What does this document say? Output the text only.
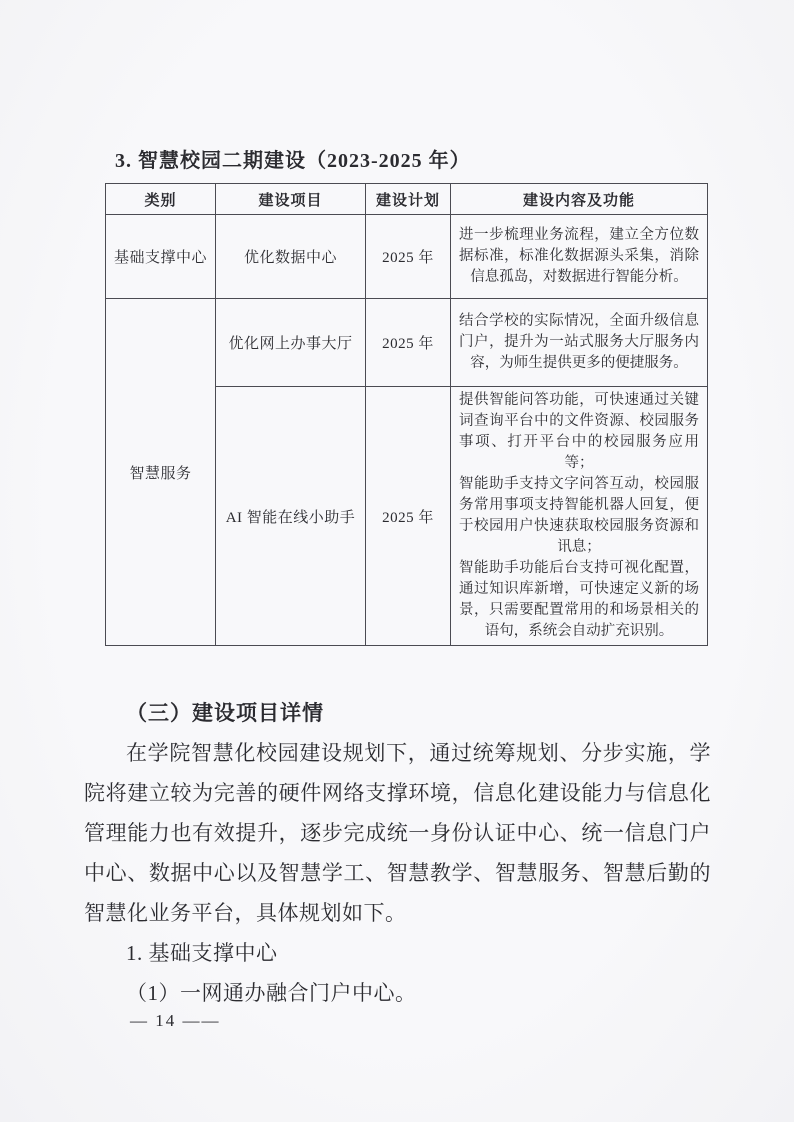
3. 智慧校园二期建设（2023-2025 年）
类别	建设项目	建设计划	建设内容及功能
基础支撑中心	优化数据中心	2025 年	进一步梳理业务流程，建立全方位数据标准，标准化数据源头采集，消除信息孤岛，对数据进行智能分析。

智慧服务	优化网上办事大厅	2025 年	结合学校的实际情况，全面升级信息门户，提升为一站式服务大厅服务内容，为师生提供更多的便捷服务。

	AI 智能在线小助手	2025 年	提供智能问答功能，可快速通过关键词查询平台中的文件资源、校园服务事项、打开平台中的校园服务应用等；

智能助手支持文字问答互动，校园服务常用事项支持智能机器人回复，便于校园用户快速获取校园服务资源和讯息；

智能助手功能后台支持可视化配置，通过知识库新增，可快速定义新的场景，只需要配置常用的和场景相关的语句，系统会自动扩充识别。

（三）建设项目详情

在学院智慧化校园建设规划下，通过统筹规划、分步实施，学院将建立较为完善的硬件网络支撑环境，信息化建设能力与信息化管理能力也有效提升，逐步完成统一身份认证中心、统一信息门户中心、数据中心以及智慧学工、智慧教学、智慧服务、智慧后勤的智慧化业务平台，具体规划如下。

1. 基础支撑中心

（1）一网通办融合门户中心。

— 14 ——
